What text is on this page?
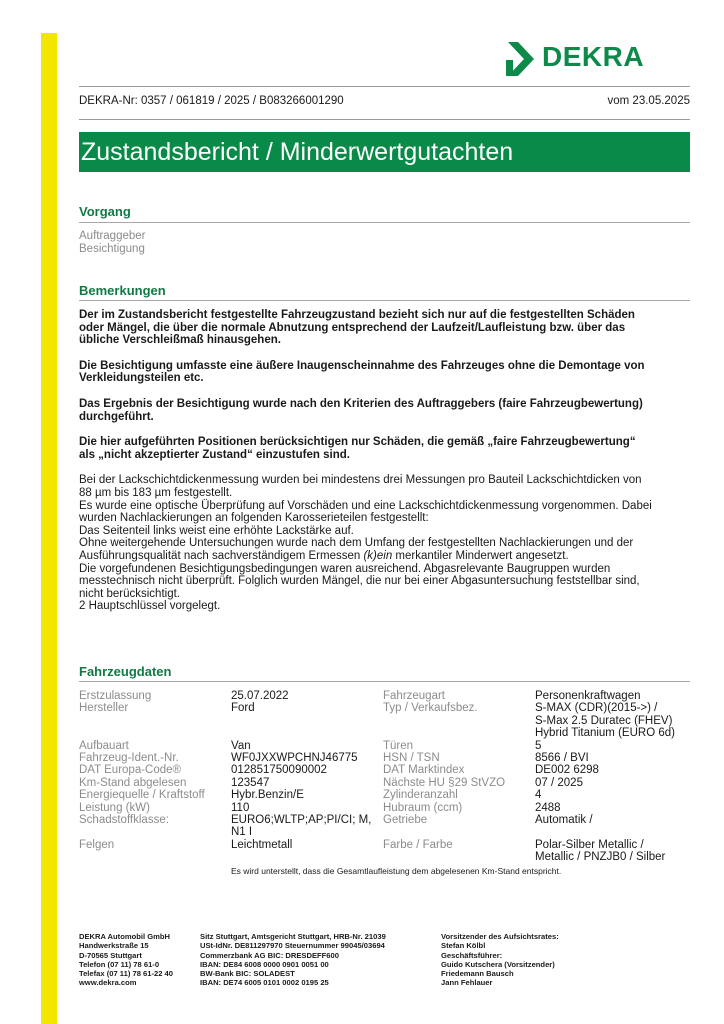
DEKRA
DEKRA-Nr: 0357 / 061819 / 2025 / B083266001290	vom 23.05.2025
Zustandsbericht / Minderwertgutachten
Vorgang
Auftraggeber
Besichtigung
Bemerkungen

Der im Zustandsbericht festgestellte Fahrzeugzustand bezieht sich nur auf die festgestellten Schäden
oder Mängel, die über die normale Abnutzung entsprechend der Laufzeit/Laufleistung bzw. über das
übliche Verschleißmaß hinausgehen.

Die Besichtigung umfasste eine äußere Inaugenscheinnahme des Fahrzeuges ohne die Demontage von
Verkleidungsteilen etc.

Das Ergebnis der Besichtigung wurde nach den Kriterien des Auftraggebers (faire Fahrzeugbewertung)
durchgeführt.

Die hier aufgeführten Positionen berücksichtigen nur Schäden, die gemäß „faire Fahrzeugbewertung“
als „nicht akzeptierter Zustand“ einzustufen sind.

Bei der Lackschichtdickenmessung wurden bei mindestens drei Messungen pro Bauteil Lackschichtdicken von
88 µm bis 183 µm festgestellt.
Es wurde eine optische Überprüfung auf Vorschäden und eine Lackschichtdickenmessung vorgenommen. Dabei
wurden Nachlackierungen an folgenden Karosserieteilen festgestellt:
Das Seitenteil links weist eine erhöhte Lackstärke auf.
Ohne weitergehende Untersuchungen wurde nach dem Umfang der festgestellten Nachlackierungen und der
Ausführungsqualität nach sachverständigem Ermessen (k)ein merkantiler Minderwert angesetzt.
Die vorgefundenen Besichtigungsbedingungen waren ausreichend. Abgasrelevante Baugruppen wurden
messtechnisch nicht überprüft. Folglich wurden Mängel, die nur bei einer Abgasuntersuchung feststellbar sind,
nicht berücksichtigt.
2 Hauptschlüssel vorgelegt.
Fahrzeugdaten
Erstzulassung
Hersteller
Aufbauart
Fahrzeug-Ident.-Nr.
DAT Europa-Code®
Km-Stand abgelesen
Energiequelle / Kraftstoff
Leistung (kW)
Schadstoffklasse:
Felgen
25.07.2022
Ford
Van
WF0JXXWPCHNJ46775
012851750090002
123547
Hybr.Benzin/E
110
EURO6;WLTP;AP;PI/CI; M,
N1 I
Leichtmetall
Fahrzeugart
Typ / Verkaufsbez.
Türen
HSN / TSN
DAT Marktindex
Nächste HU §29 StVZO
Zylinderanzahl
Hubraum (ccm)
Getriebe
Farbe / Farbe
Personenkraftwagen
S-MAX (CDR)(2015->) /
S-Max 2.5 Duratec (FHEV)
Hybrid Titanium (EURO 6d)
5
8566 / BVI
DE002 6298
07 / 2025
4
2488
Automatik /
Polar-Silber Metallic /
Metallic / PNZJB0 / Silber
Es wird unterstellt, dass die Gesamtlaufleistung dem abgelesenen Km-Stand entspricht.
DEKRA Automobil GmbH
Handwerkstraße 15
D-70565 Stuttgart
Telefon (07 11) 78 61-0
Telefax (07 11) 78 61-22 40
www.dekra.com
Sitz Stuttgart, Amtsgericht Stuttgart, HRB-Nr. 21039
USt-IdNr. DE811297970 Steuernummer 99045/03694
Commerzbank AG BIC: DRESDEFF600
IBAN: DE84 6008 0000 0901 0051 00
BW-Bank BIC: SOLADEST
IBAN: DE74 6005 0101 0002 0195 25
Vorsitzender des Aufsichtsrates:
Stefan Kölbl
Geschäftsführer:
Guido Kutschera (Vorsitzender)
Friedemann Bausch
Jann Fehlauer
